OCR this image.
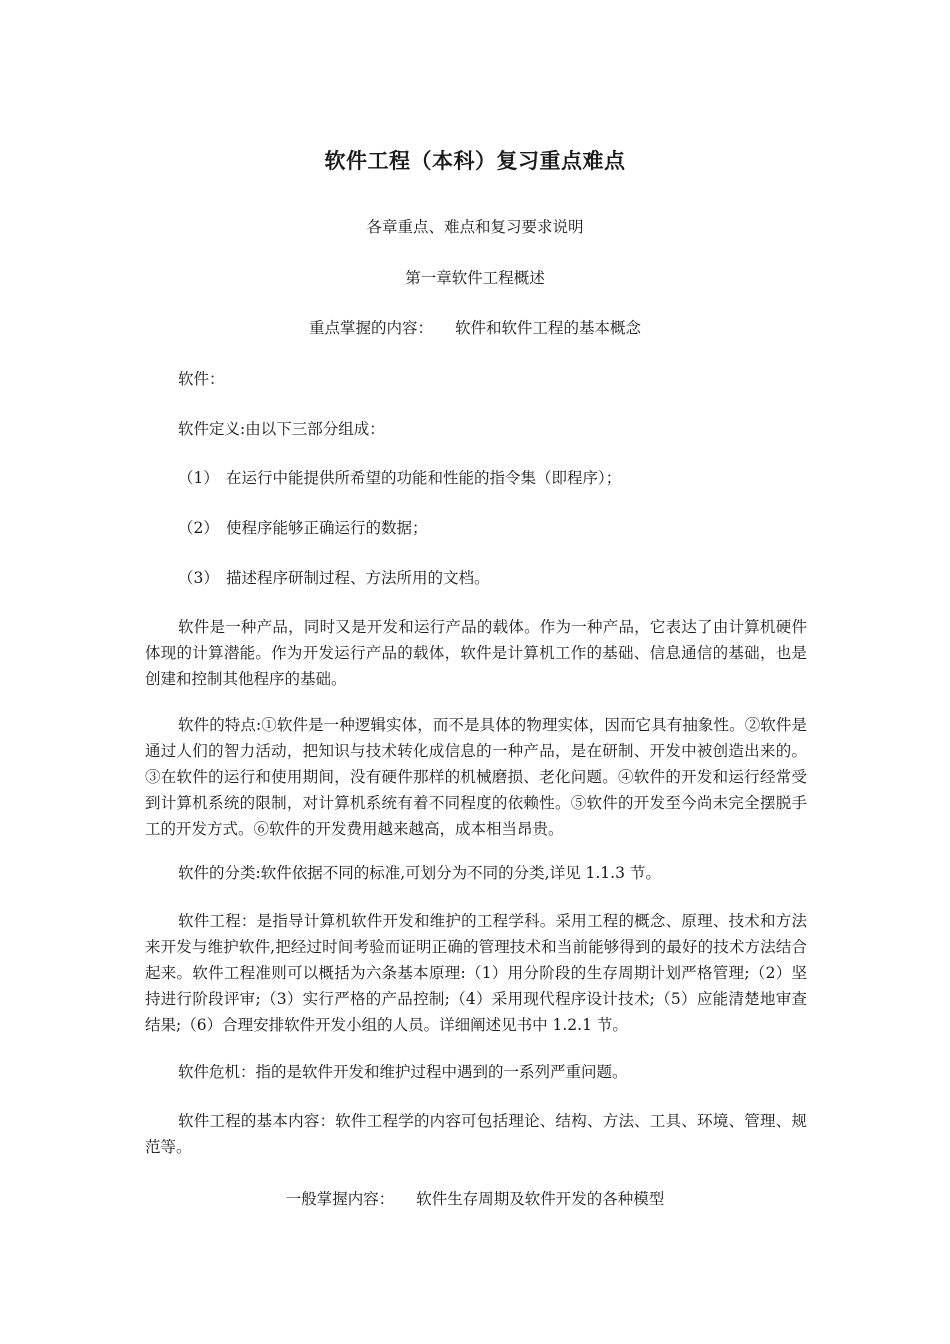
软件工程（本科）复习重点难点
各章重点、难点和复习要求说明
第一章软件工程概述
重点掌握的内容： 软件和软件工程的基本概念
软件：
软件定义:由以下三部分组成：
（1） 在运行中能提供所希望的功能和性能的指令集（即程序）；
（2） 使程序能够正确运行的数据；
（3） 描述程序研制过程、方法所用的文档。

软件是一种产品，同时又是开发和运行产品的载体。作为一种产品，它表达了由计算机硬件体现的计算潜能。作为开发运行产品的载体，软件是计算机工作的基础、信息通信的基础，也是创建和控制其他程序的基础。

软件的特点:①软件是一种逻辑实体，而不是具体的物理实体，因而它具有抽象性。②软件是通过人们的智力活动，把知识与技术转化成信息的一种产品，是在研制、开发中被创造出来的。③在软件的运行和使用期间，没有硬件那样的机械磨损、老化问题。④软件的开发和运行经常受到计算机系统的限制，对计算机系统有着不同程度的依赖性。⑤软件的开发至今尚未完全摆脱手工的开发方式。⑥软件的开发费用越来越高，成本相当昂贵。

软件的分类:软件依据不同的标准,可划分为不同的分类,详见 1.1.3 节。

软件工程：是指导计算机软件开发和维护的工程学科。采用工程的概念、原理、技术和方法来开发与维护软件,把经过时间考验而证明正确的管理技术和当前能够得到的最好的技术方法结合起来。软件工程准则可以概括为六条基本原理:（1）用分阶段的生存周期计划严格管理;（2）坚持进行阶段评审;（3）实行严格的产品控制;（4）采用现代程序设计技术;（5）应能清楚地审查结果;（6）合理安排软件开发小组的人员。详细阐述见书中 1.2.1 节。

软件危机：指的是软件开发和维护过程中遇到的一系列严重问题。

软件工程的基本内容：软件工程学的内容可包括理论、结构、方法、工具、环境、管理、规范等。

一般掌握内容： 软件生存周期及软件开发的各种模型
